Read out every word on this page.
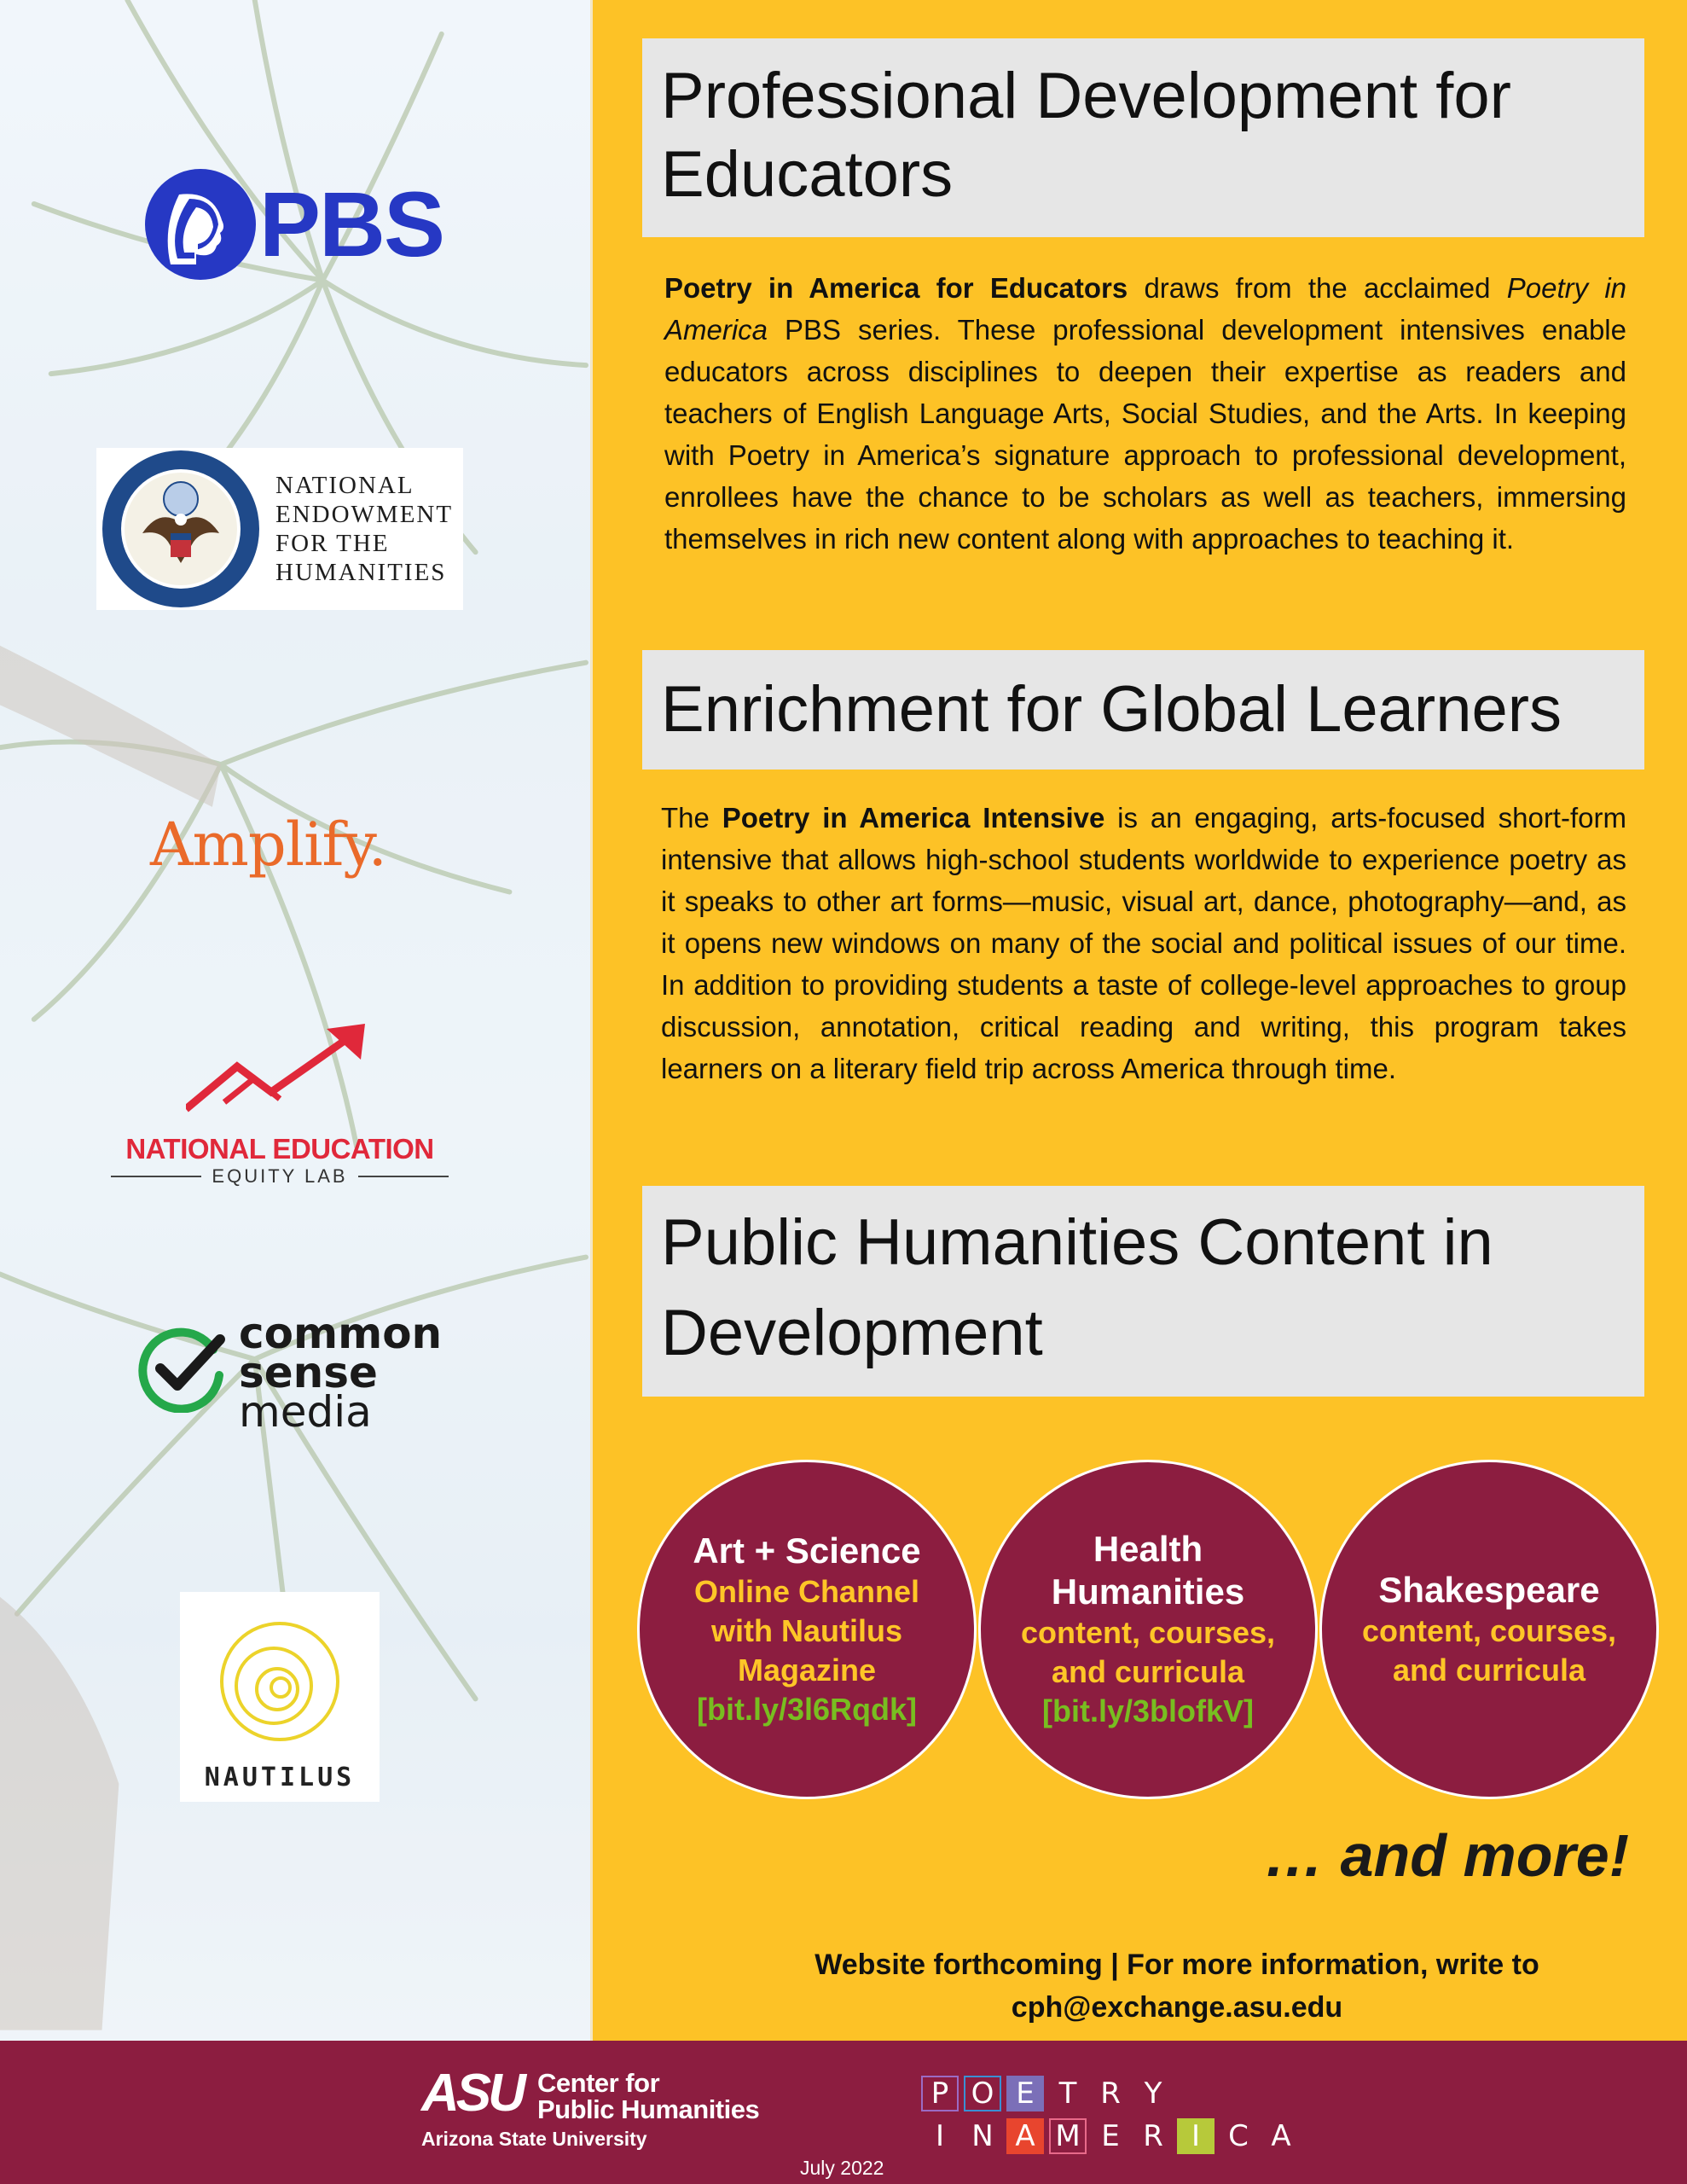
PBS
NATIONAL
ENDOWMENT
FOR THE
HUMANITIES
Amplify.
NATIONAL EDUCATION
EQUITY LAB
common
sense
media
NAUTILUS
Professional Development for Educators
Poetry in America for Educators draws from the acclaimed Poetry in America PBS series. These professional development intensives enable educators across disciplines to deepen their expertise as readers and teachers of English Language Arts, Social Studies, and the Arts. In keeping with Poetry in America’s signature approach to professional development, enrollees have the chance to be scholars as well as teachers, immersing themselves in rich new content along with approaches to teaching it.
Enrichment for Global Learners
The Poetry in America Intensive is an engaging, arts-focused short-form intensive that allows high-school students worldwide to experience poetry as it speaks to other art forms—music, visual art, dance, photography—and, as it opens new windows on many of the social and political issues of our time. In addition to providing students a taste of college-level approaches to group discussion, annotation, critical reading and writing, this program takes learners on a literary field trip across America through time.
Public Humanities Content in
Development
Art + Science
Online Channel
with Nautilus
Magazine
[bit.ly/3l6Rqdk]
Health
Humanities
content, courses,
and curricula
[bit.ly/3blofkV]
Shakespeare
content, courses,
and curricula
… and more!
Website forthcoming | For more information, write to
cph@exchange.asu.edu
ASU Center for
Public Humanities
Arizona State University
July 2022
P O E T R Y
I N A M E R I C A
